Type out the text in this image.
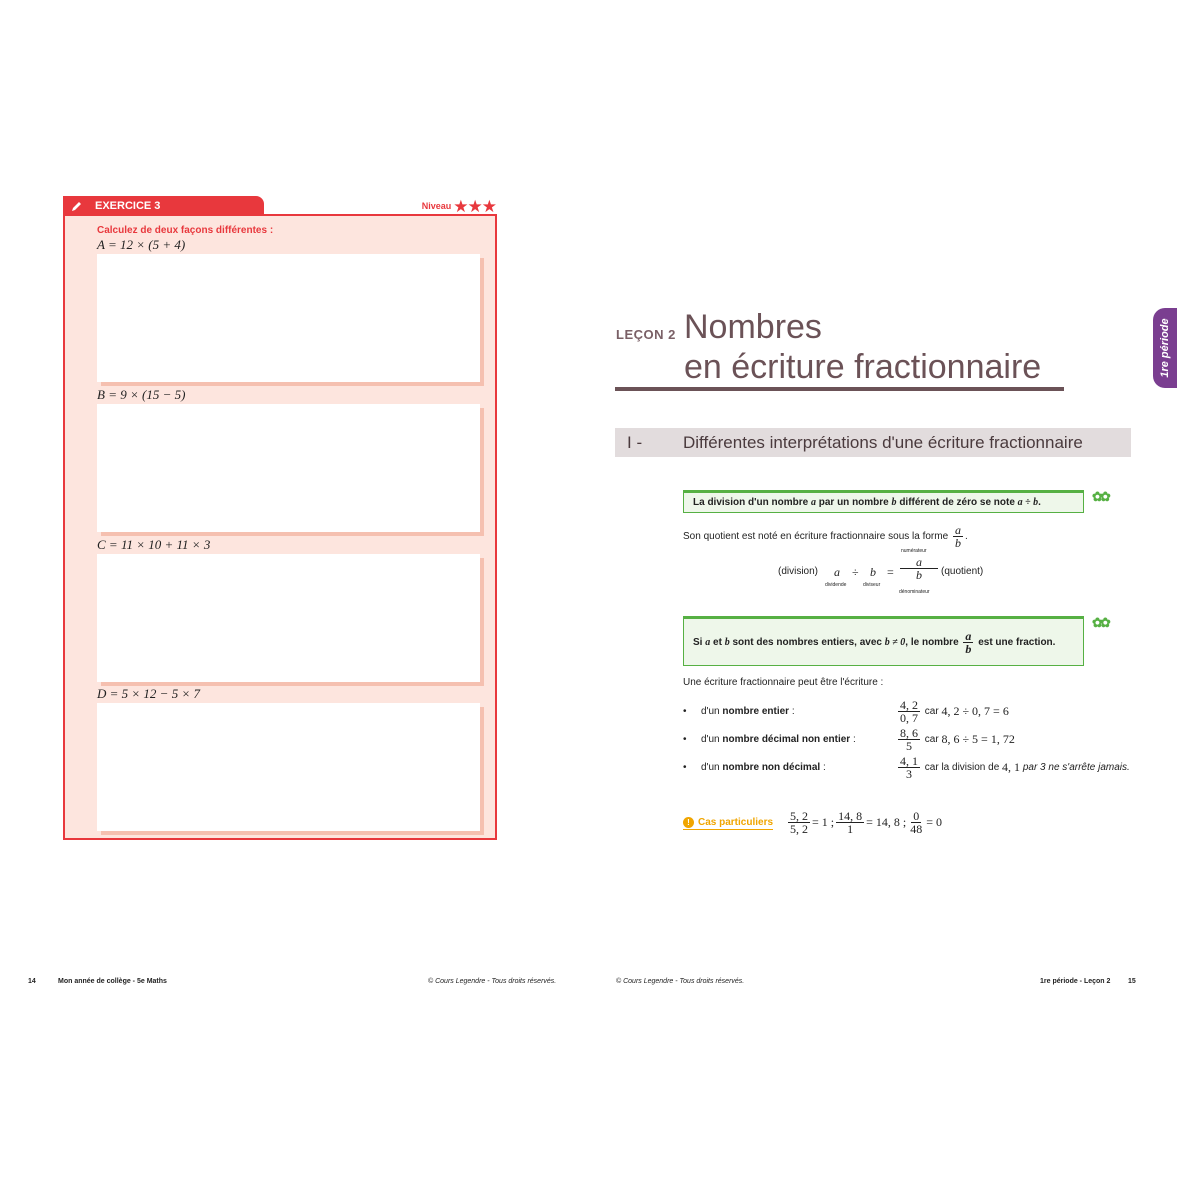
EXERCICE 3	Niveau ★★★
Calculez de deux façons différentes :
A = 12 × (5 + 4)
B = 9 × (15 − 5)
C = 11 × 10 + 11 × 3
D = 5 × 12 − 5 × 7
14	Mon année de collège - 5e Maths	© Cours Legendre - Tous droits réservés.
LEÇON 2 Nombres
en écriture fractionnaire	1re période
I -	Différentes interprétations d'une écriture fractionnaire
La division d'un nombre
a
par un nombre
b
différent de zéro se note
a ÷ b .	✿✿
Son quotient est noté en écriture fractionnaire sous la forme $\frac{a}{b}$ .
(division) a
dividende
÷ b
diviseur
=
numérateur
$\frac{a}{b}$
dénominateur
(quotient)
Si
a
et
b
sont des nombres entiers, avec
b ≠ 0 , le nombre
$\frac{a}{b}$
est une fraction.
✿✿
Une écriture fractionnaire peut être l'écriture :
•	d'un nombre entier :	$\frac{4, 2}{0, 7}$
car
4, 2 ÷ 0, 7 = 6
•	d'un nombre décimal non entier :	$\frac{8, 6}{5}$
car
8, 6 ÷ 5 = 1, 72
•	d'un nombre non décimal :	$\frac{4, 1}{3}$
car la division de
4, 1
par 3 ne s'arrête jamais.
! Cas particuliers $\frac{5, 2}{5, 2} = 1$ ; $\frac{14, 8}{1} = 14$, 8 ; $\frac{0}{48} = 0$
© Cours Legendre - Tous droits réservés.	1re période - Leçon 2	15
